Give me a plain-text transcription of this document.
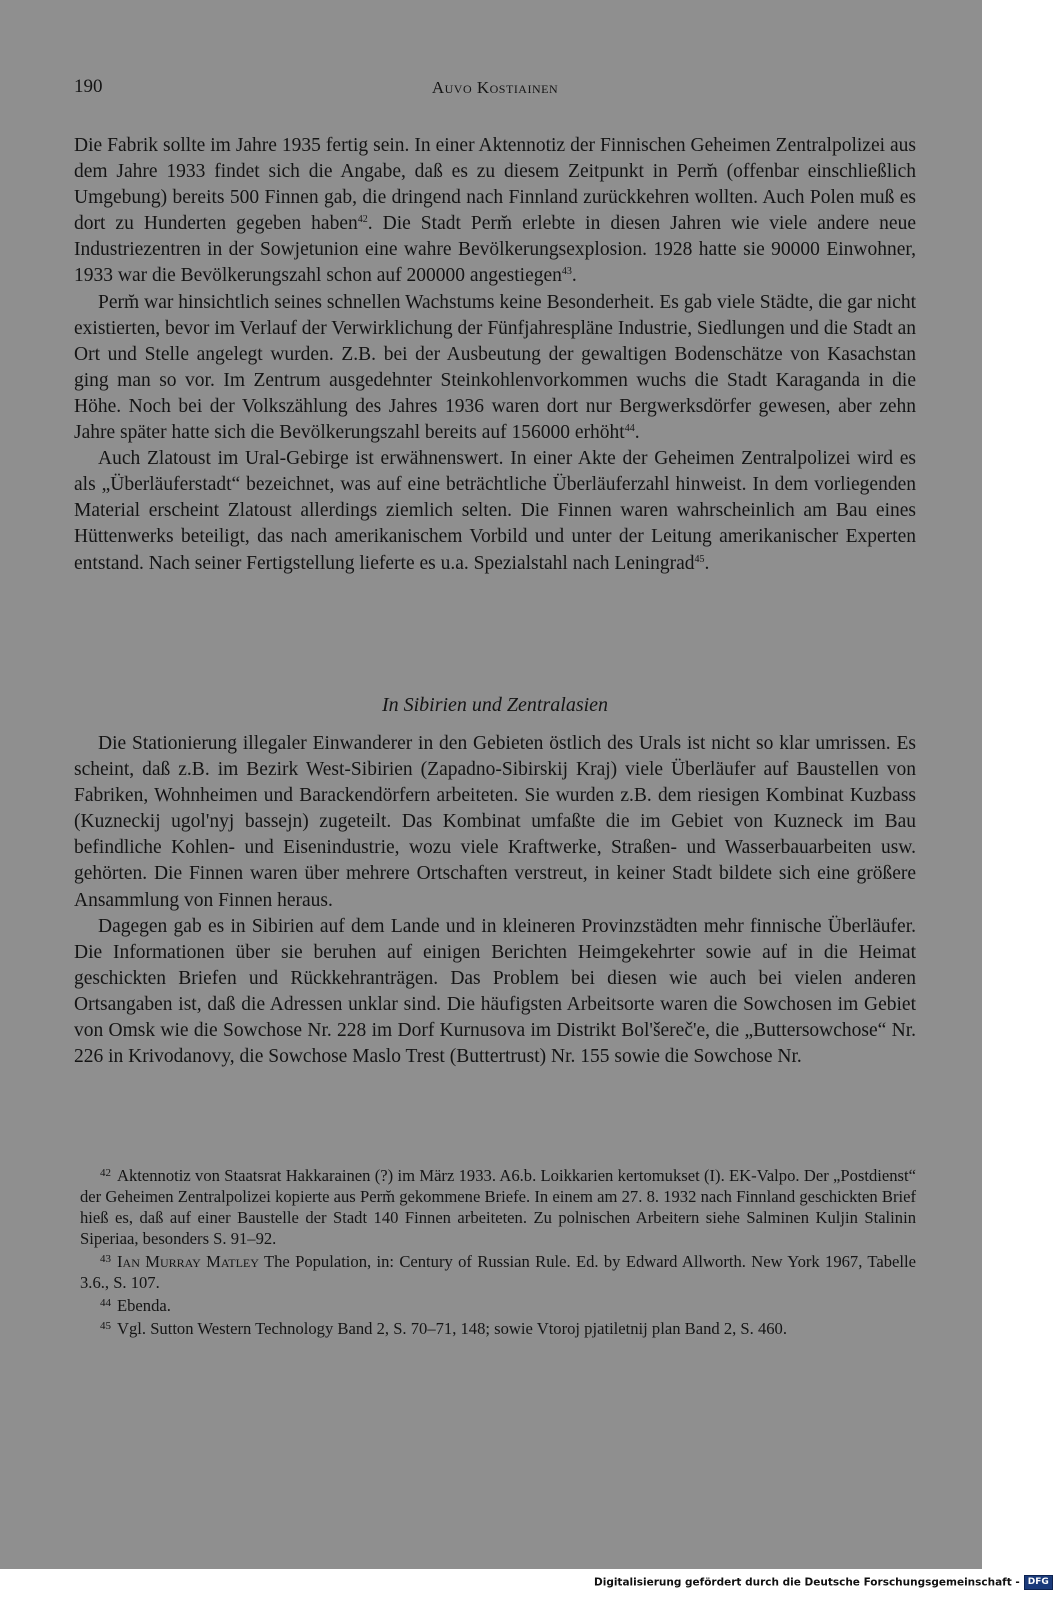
190	Auvo Kostiainen

Die Fabrik sollte im Jahre 1935 fertig sein. In einer Aktennotiz der Finnischen Geheimen Zentralpolizei aus dem Jahre 1933 findet sich die Angabe, daß es zu diesem Zeitpunkt in Perm̆ (offenbar einschließlich Umgebung) bereits 500 Finnen gab, die dringend nach Finnland zurückkehren wollten. Auch Polen muß es dort zu Hunderten gegeben haben$^{42}$. Die Stadt Perm̆ erlebte in diesen Jahren wie viele andere neue Industriezentren in der Sowjetunion eine wahre Bevölkerungsexplosion. 1928 hatte sie 90000 Einwohner, 1933 war die Bevölkerungszahl schon auf 200000 angestiegen$^{43}$.

Perm̆ war hinsichtlich seines schnellen Wachstums keine Besonderheit. Es gab viele Städte, die gar nicht existierten, bevor im Verlauf der Verwirklichung der Fünfjahrespläne Industrie, Siedlungen und die Stadt an Ort und Stelle angelegt wurden. Z.B. bei der Ausbeutung der gewaltigen Bodenschätze von Kasachstan ging man so vor. Im Zentrum ausgedehnter Steinkohlenvorkommen wuchs die Stadt Karaganda in die Höhe. Noch bei der Volkszählung des Jahres 1936 waren dort nur Bergwerksdörfer gewesen, aber zehn Jahre später hatte sich die Bevölkerungszahl bereits auf 156000 erhöht$^{44}$.

Auch Zlatoust im Ural-Gebirge ist erwähnenswert. In einer Akte der Geheimen Zentralpolizei wird es als „Überläuferstadt“ bezeichnet, was auf eine beträchtliche Überläuferzahl hinweist. In dem vorliegenden Material erscheint Zlatoust allerdings ziemlich selten. Die Finnen waren wahrscheinlich am Bau eines Hüttenwerks beteiligt, das nach amerikanischem Vorbild und unter der Leitung amerikanischer Experten entstand. Nach seiner Fertigstellung lieferte es u.a. Spezialstahl nach Leningrad$^{45}$.

In Sibirien und Zentralasien

Die Stationierung illegaler Einwanderer in den Gebieten östlich des Urals ist nicht so klar umrissen. Es scheint, daß z.B. im Bezirk West-Sibirien (Zapadno-Sibirskij Kraj) viele Überläufer auf Baustellen von Fabriken, Wohnheimen und Barackendörfern arbeiteten. Sie wurden z.B. dem riesigen Kombinat Kuzbass (Kuzneckij ugol'nyj bassejn) zugeteilt. Das Kombinat umfaßte die im Gebiet von Kuzneck im Bau befindliche Kohlen- und Eisenindustrie, wozu viele Kraftwerke, Straßen- und Wasserbauarbeiten usw. gehörten. Die Finnen waren über mehrere Ortschaften verstreut, in keiner Stadt bildete sich eine größere Ansammlung von Finnen heraus.

Dagegen gab es in Sibirien auf dem Lande und in kleineren Provinzstädten mehr finnische Überläufer. Die Informationen über sie beruhen auf einigen Berichten Heimgekehrter sowie auf in die Heimat geschickten Briefen und Rückkehranträgen. Das Problem bei diesen wie auch bei vielen anderen Ortsangaben ist, daß die Adressen unklar sind. Die häufigsten Arbeitsorte waren die Sowchosen im Gebiet von Omsk wie die Sowchose Nr. 228 im Dorf Kurnusova im Distrikt Bol'šereč'e, die „Buttersowchose“ Nr. 226 in Krivodanovy, die Sowchose Maslo Trest (Buttertrust) Nr. 155 sowie die Sowchose Nr.

$^{42}$ Aktennotiz von Staatsrat Hakkarainen (?) im März 1933. A6.b. Loikkarien kertomukset (I). EK-Valpo. Der „Postdienst“ der Geheimen Zentralpolizei kopierte aus Perm̆ gekommene Briefe. In einem am 27. 8. 1932 nach Finnland geschickten Brief hieß es, daß auf einer Baustelle der Stadt 140 Finnen arbeiteten. Zu polnischen Arbeitern siehe Salminen Kuljin Stalinin Siperiaa, besonders S. 91–92.

$^{43}$ Ian Murray Matley The Population, in: Century of Russian Rule. Ed. by Edward Allworth. New York 1967, Tabelle 3.6., S. 107.

$^{44}$ Ebenda.

$^{45}$ Vgl. Sutton Western Technology Band 2, S. 70–71, 148; sowie Vtoroj pjatiletnij plan Band 2, S. 460.

Digitalisierung gefördert durch die Deutsche Forschungsgemeinschaft - DFG
